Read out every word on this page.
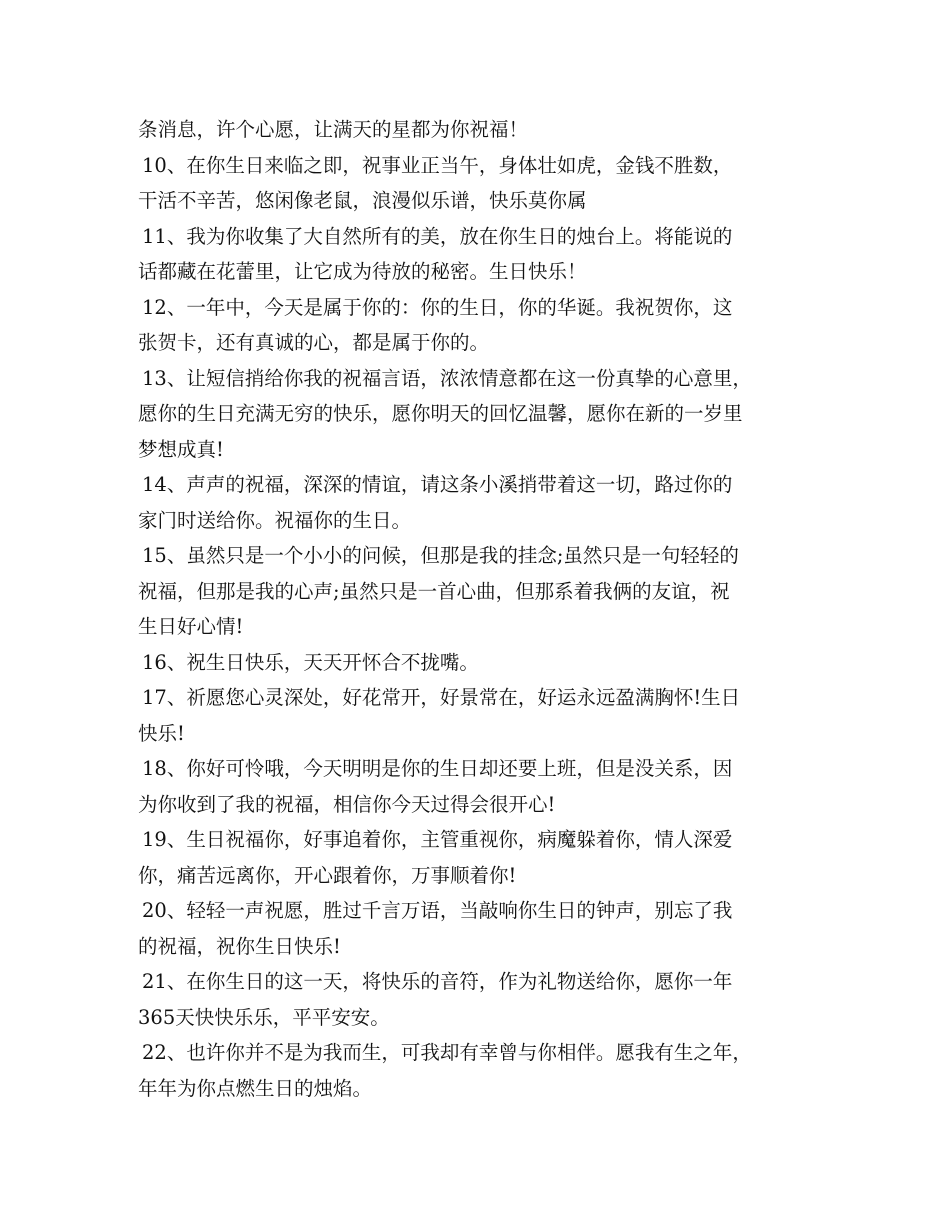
条消息，许个心愿，让满天的星都为你祝福！
10、在你生日来临之即，祝事业正当午，身体壮如虎，金钱不胜数，
干活不辛苦，悠闲像老鼠，浪漫似乐谱，快乐莫你属
11、我为你收集了大自然所有的美，放在你生日的烛台上。将能说的
话都藏在花蕾里，让它成为待放的秘密。生日快乐！
12、一年中，今天是属于你的：你的生日，你的华诞。我祝贺你，这
张贺卡，还有真诚的心，都是属于你的。
13、让短信捎给你我的祝福言语，浓浓情意都在这一份真挚的心意里，
愿你的生日充满无穷的快乐，愿你明天的回忆温馨，愿你在新的一岁里
梦想成真!
14、声声的祝福，深深的情谊，请这条小溪捎带着这一切，路过你的
家门时送给你。祝福你的生日。
15、虽然只是一个小小的问候，但那是我的挂念;虽然只是一句轻轻的
祝福，但那是我的心声;虽然只是一首心曲，但那系着我俩的友谊，祝
生日好心情!
16、祝生日快乐，天天开怀合不拢嘴。
17、祈愿您心灵深处，好花常开，好景常在，好运永远盈满胸怀!生日
快乐!
18、你好可怜哦，今天明明是你的生日却还要上班，但是没关系，因
为你收到了我的祝福，相信你今天过得会很开心!
19、生日祝福你，好事追着你，主管重视你，病魔躲着你，情人深爱
你，痛苦远离你，开心跟着你，万事顺着你!
20、轻轻一声祝愿，胜过千言万语，当敲响你生日的钟声，别忘了我
的祝福，祝你生日快乐!
21、在你生日的这一天，将快乐的音符，作为礼物送给你，愿你一年
365天快快乐乐，平平安安。
22、也许你并不是为我而生，可我却有幸曾与你相伴。愿我有生之年，
年年为你点燃生日的烛焰。
